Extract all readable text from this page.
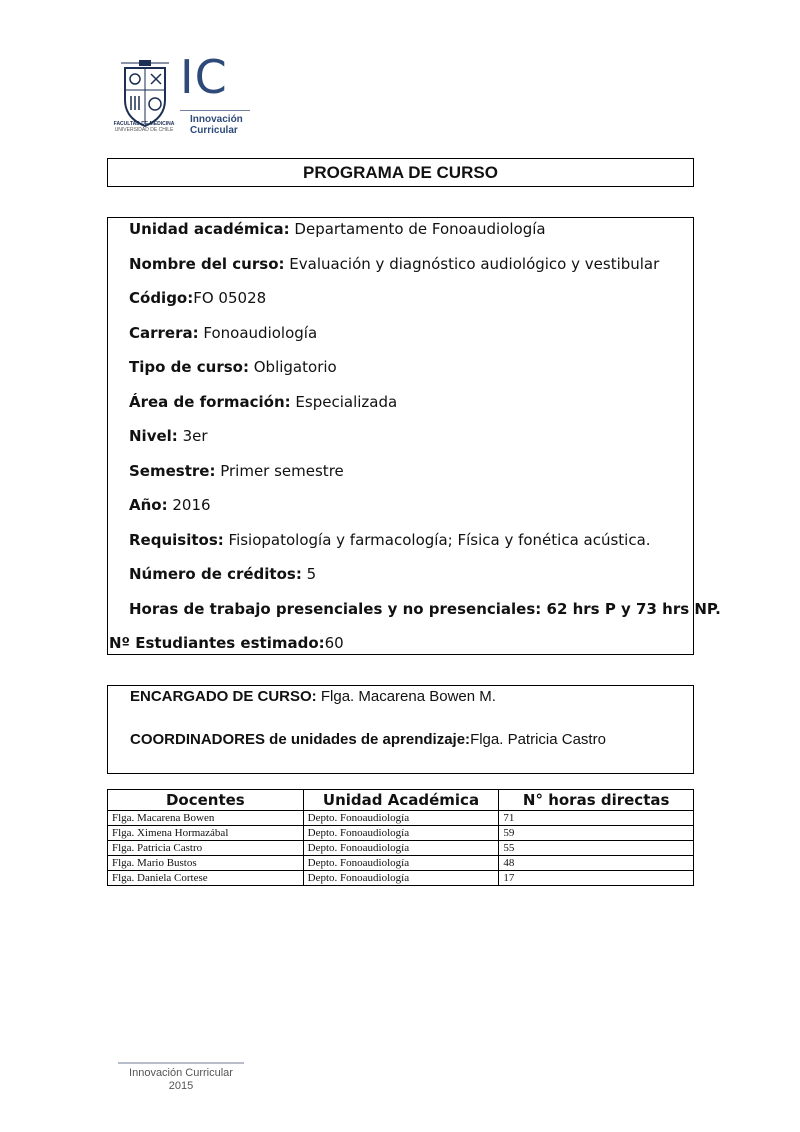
FACULTAD DE MEDICINA
UNIVERSIDAD DE CHILE
IC
Innovación
Curricular
PROGRAMA DE CURSO
Unidad académica: Departamento de Fonoaudiología
Nombre del curso: Evaluación y diagnóstico audiológico y vestibular
Código:FO 05028
Carrera: Fonoaudiología
Tipo de curso: Obligatorio
Área de formación: Especializada
Nivel: 3er
Semestre: Primer semestre
Año: 2016
Requisitos: Fisiopatología y farmacología; Física y fonética acústica.
Número de créditos: 5
Horas de trabajo presenciales y no presenciales: 62 hrs P y 73 hrs NP.
Nº Estudiantes estimado:60
ENCARGADO DE CURSO: Flga. Macarena Bowen M.
COORDINADORES de unidades de aprendizaje:Flga. Patricia Castro
Docentes	Unidad Académica	N° horas directas
Flga. Macarena Bowen	Depto. Fonoaudiología	71
Flga. Ximena Hormazábal	Depto. Fonoaudiología	59
Flga. Patricia Castro	Depto. Fonoaudiología	55
Flga. Mario Bustos	Depto. Fonoaudiología	48
Flga. Daniela Cortese	Depto. Fonoaudiología	17
Innovación Curricular
2015
